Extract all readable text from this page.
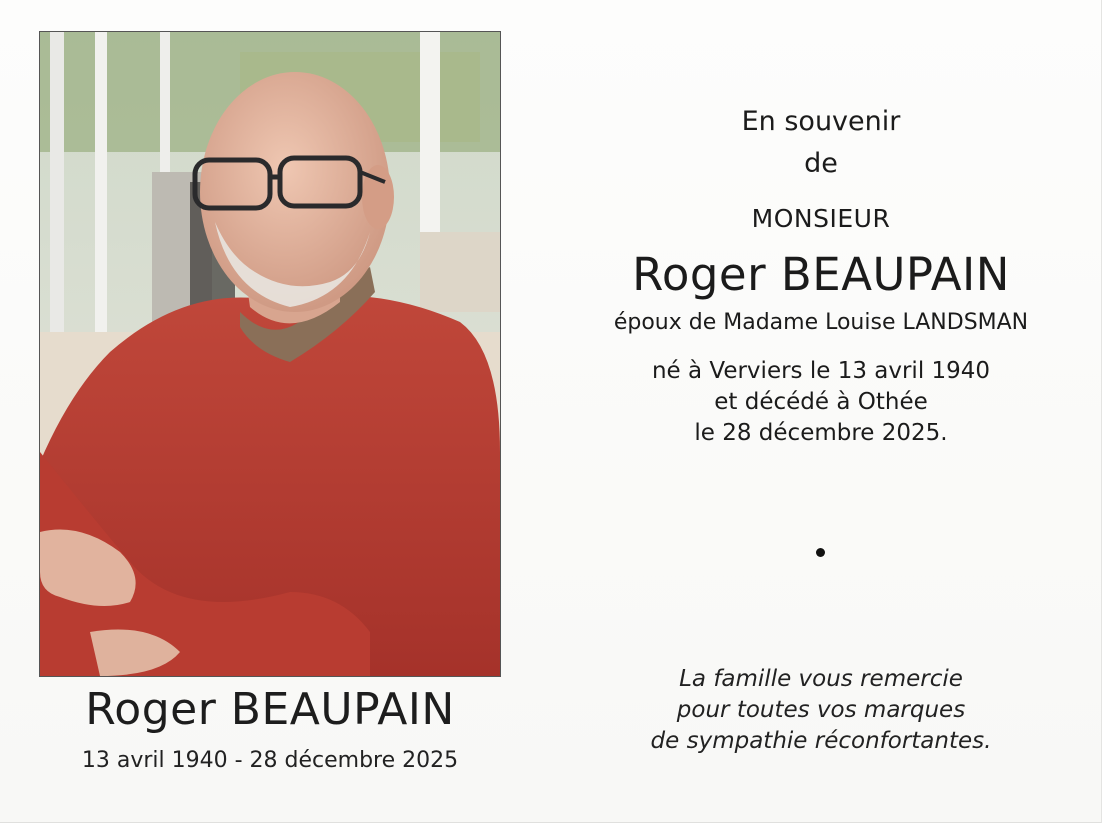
Roger BEAUPAIN
13 avril 1940 - 28 décembre 2025
En souvenir
de
MONSIEUR
Roger BEAUPAIN
époux de Madame Louise LANDSMAN
né à Verviers le 13 avril 1940
et décédé à Othée
le 28 décembre 2025.
La famille vous remercie
pour toutes vos marques
de sympathie réconfortantes.
